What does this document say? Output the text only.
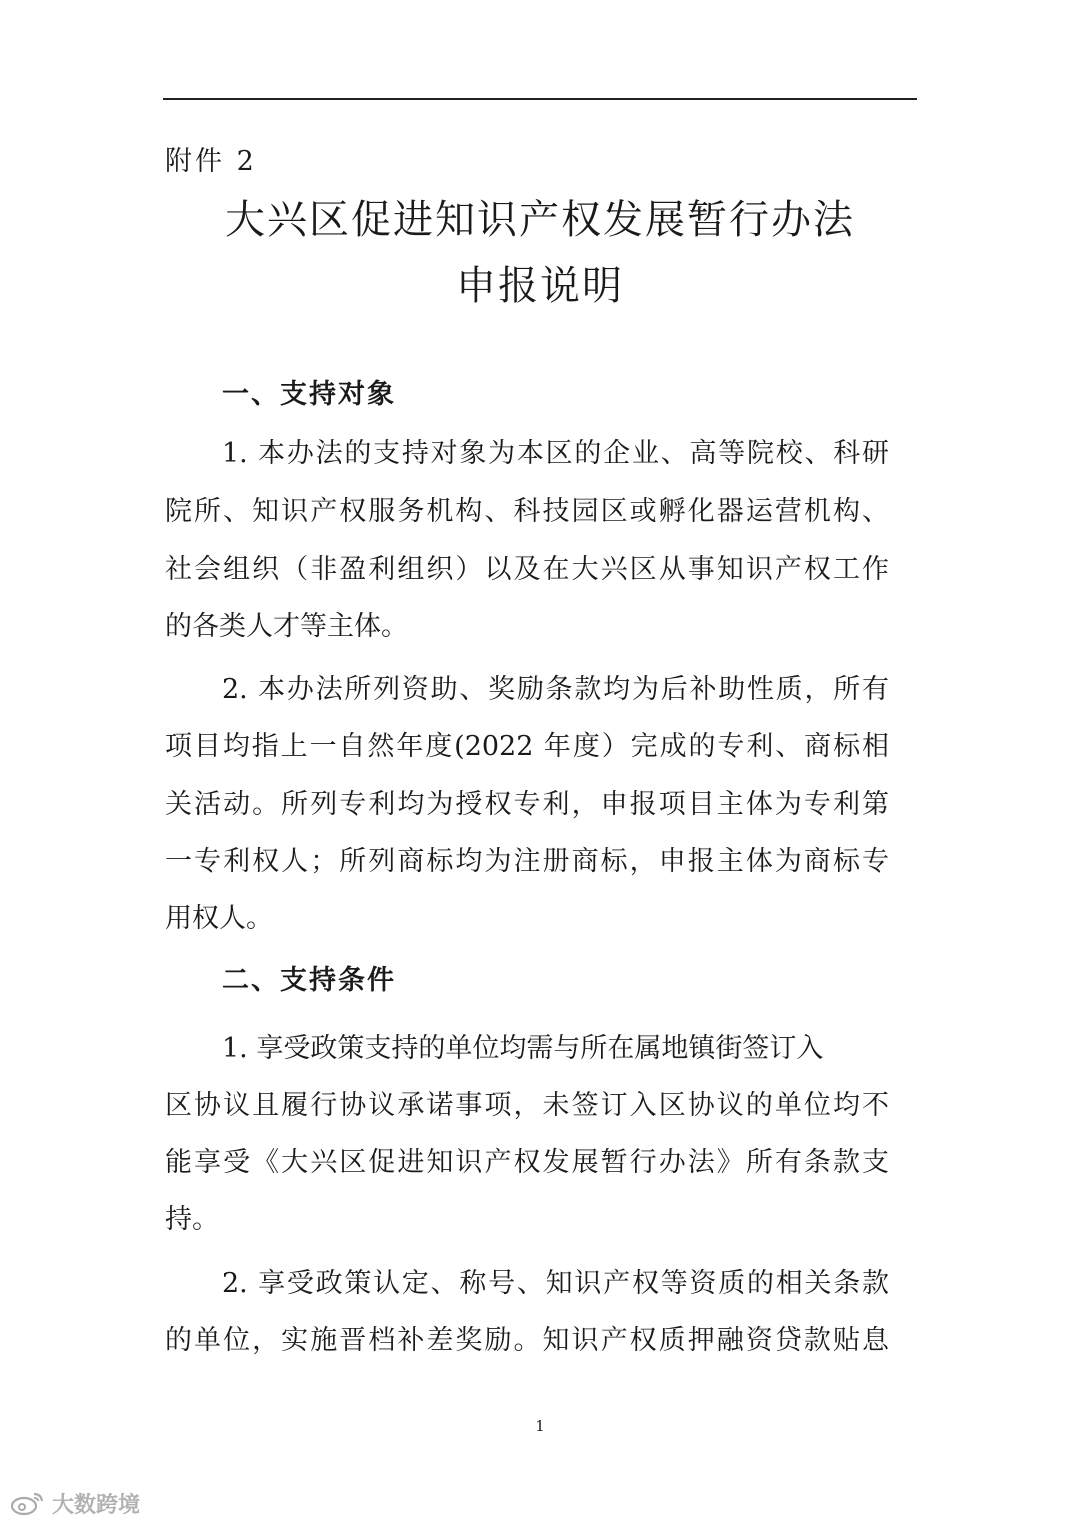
附件 2
大兴区促进知识产权发展暂行办法
申报说明
一、支持对象
1. 本办法的支持对象为本区的企业、高等院校、科研
院所、知识产权服务机构、科技园区或孵化器运营机构、
社会组织（非盈利组织）以及在大兴区从事知识产权工作
的各类人才等主体。
2. 本办法所列资助、奖励条款均为后补助性质，所有
项目均指上一自然年度(2022 年度）完成的专利、商标相
关活动。所列专利均为授权专利，申报项目主体为专利第
一专利权人；所列商标均为注册商标，申报主体为商标专
用权人。
二、支持条件
1. 享受政策支持的单位均需与所在属地镇街签订入
区协议且履行协议承诺事项，未签订入区协议的单位均不
能享受《大兴区促进知识产权发展暂行办法》所有条款支
持。
2. 享受政策认定、称号、知识产权等资质的相关条款
的单位，实施晋档补差奖励。知识产权质押融资贷款贴息
1
大数跨境
